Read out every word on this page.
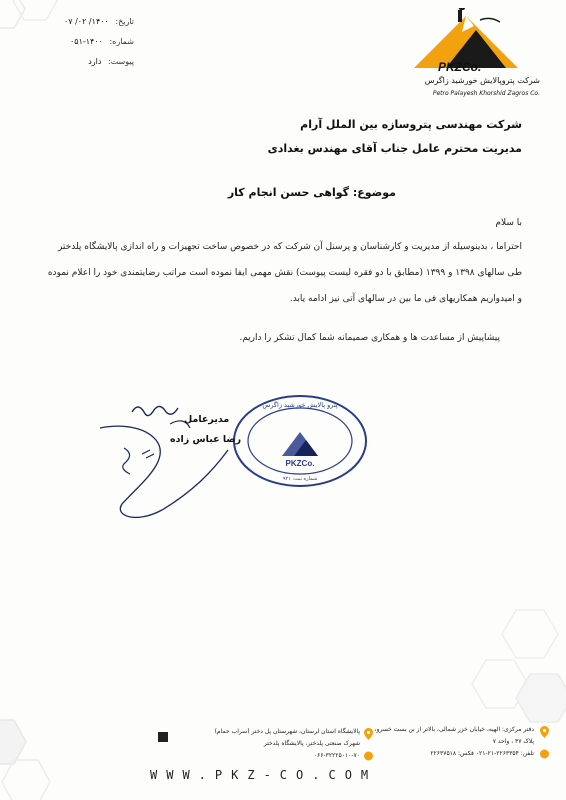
تاریخ: ۱۴۰۰/ ۰۲/ ۰۷
شماره: ۱۴۰۰-۰۵۱
پیوست: دارد	PKZCo.
شرکت پتروپالایش خورشید زاگرس
Petro Palayesh Khorshid Zagros Co.
شرکت مهندسی پتروسازه بین الملل آرام
مدیریت محترم عامل جناب آقای مهندس بغدادی
موضوع: گواهی حسن انجام کار
با سلام
احتراما ، بدینوسیله از مدیریت و کارشناسان و پرسنل آن شرکت که در خصوص ساخت تجهیزات و راه اندازی پالایشگاه پلدختر
طی سالهای ۱۳۹۸ و ۱۳۹۹ (مطابق با دو فقره لیست پیوست) نقش مهمی ایفا نموده است مراتب رضایتمندی خود را اعلام نموده
و امیدواریم همکاریهای فی ما بین در سالهای آتی نیز ادامه یابد.
پیشاپیش از مساعدت ها و همکاری صمیمانه شما کمال تشکر را داریم.
PKZCo.
پترو پالایش خورشید زاگرس
شماره ثبت: ۹۲۱
مدیرعامل
رضا عباس زاده
دفتر مرکزی: الهیه، خیابان خزر شمالی، بالاتر از بن بست خسرو،
پلاک ۳۷ ، واحد ۷
تلفن: ۲۲۶۳۳۵۴-۲۱-۰۲۱ فکس: ۲۲۶۳۷۵۱۸
پالایشگاه استان لرستان، شهرستان پل دختر (سراب حمام)
شهرک صنعتی پلدختر، پالایشگاه پلدختر
۰۶۶-۳۲۲۲۵۰۱۰-۷۰
WWW.PKZ-CO.COM
